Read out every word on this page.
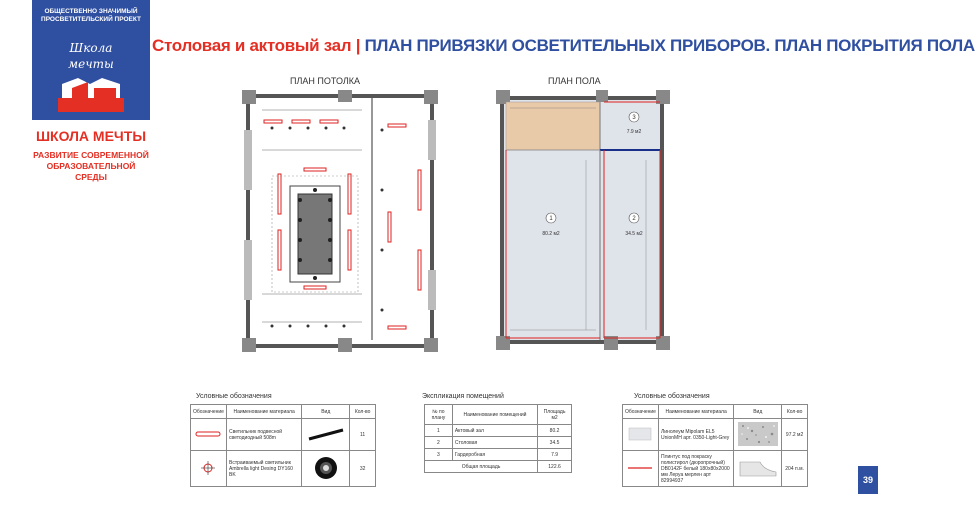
ОБЩЕСТВЕННО ЗНАЧИМЫЙ ПРОСВЕТИТЕЛЬСКИЙ ПРОЕКТ
Школа
мечты
ШКОЛА МЕЧТЫ
РАЗВИТИЕ СОВРЕМЕННОЙ
ОБРАЗОВАТЕЛЬНОЙ СРЕДЫ
Столовая и актовый зал | ПЛАН ПРИВЯЗКИ ОСВЕТИТЕЛЬНЫХ ПРИБОРОВ. ПЛАН ПОКРЫТИЯ ПОЛА
ПЛАН ПОТОЛКА	ПЛАН ПОЛА
1
80.2 м2
2
34.5 м2
3
7.9 м2
Условные обозначения
Обозначение	Наименование материала	Вид	Кол-во
	Светильник подвесной светодиодный 508m		11
	Встраиваемый светильник Ambrella light Desing DY160 BK		32
Экспликация помещений
№ по плану	Наименование помещений	Площадь м2
1	Актовый зал	80.2
2	Столовая	34.5
3	Гардеробная	7.9
Общая площадь		122.6
Условные обозначения
Обозначение	Наименование материала	Вид	Кол-во
	Линолеум Mipolam EL5 UnionMH арт. 0350-Light-Grey		97.2 м2
	Плинтус под покраску полистирол (дюропрочный) DB0142F белый 180x80x2000 мм Леруа мерлен арт 82994937		204 п.м.
39
